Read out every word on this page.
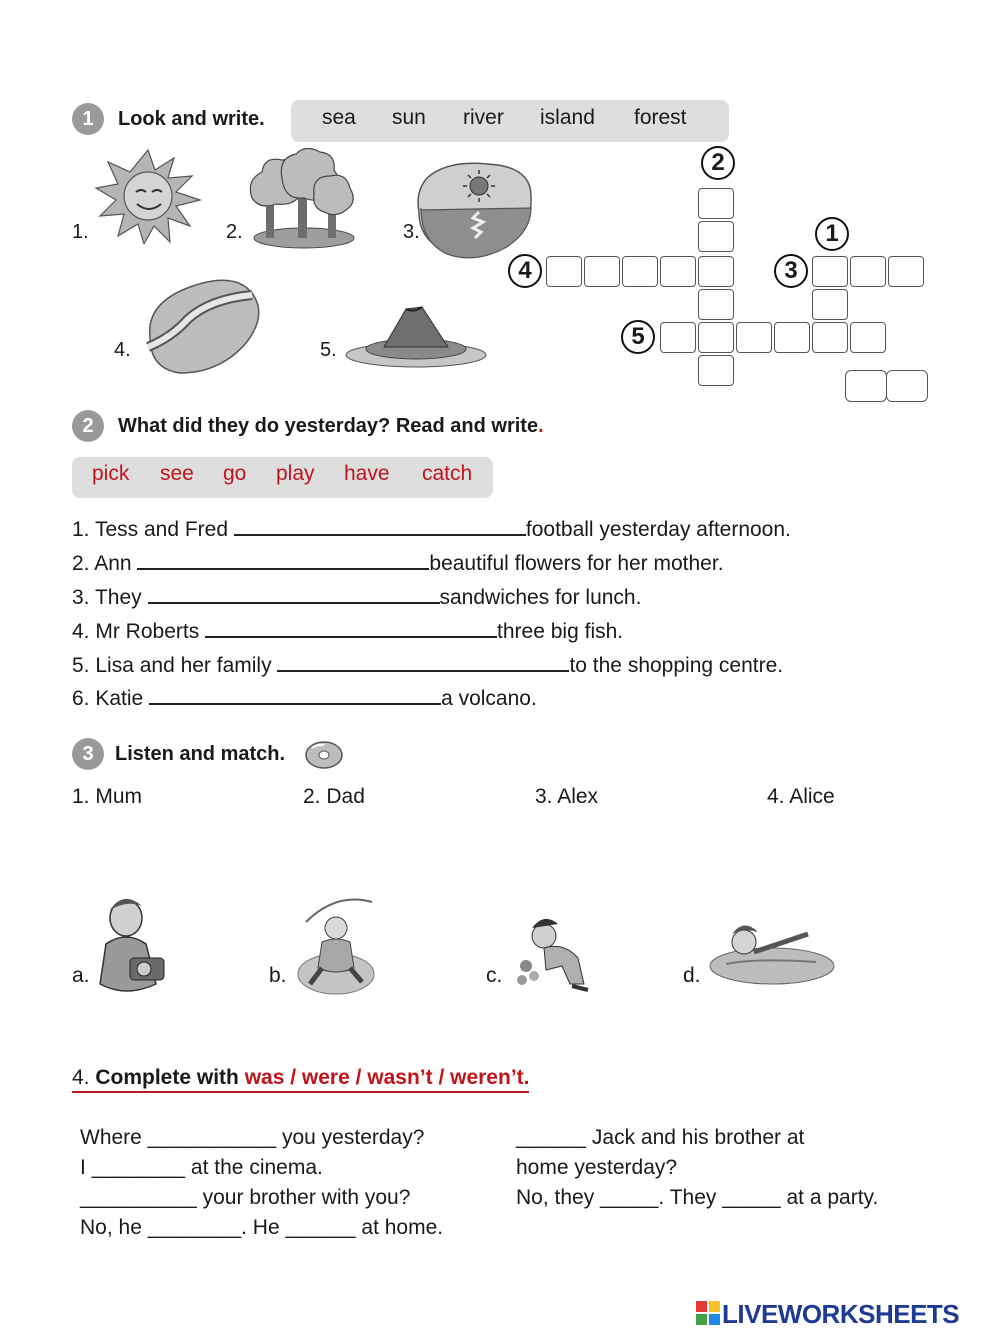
1	Look and write.	sea sun river island forest
1.	2.	3.
4.	5.
2
1
4	3
5
2	What did they do yesterday? Read and write.
pick see go play have catch
1. Tess and Fred	football yesterday afternoon.
2. Ann	beautiful flowers for her mother.
3. They	sandwiches for lunch.
4. Mr Roberts	three big fish.
5. Lisa and her family	to the shopping centre.
6. Katie	a volcano.
3	Listen and match.
1. Mum	2. Dad	3. Alex	4. Alice
a.	b.	c.	d.
4. Complete with was / were / wasn’t / weren’t.
Where ___________ you yesterday?
I ________ at the cinema.
__________ your brother with you?
No, he ________. He ______ at home.
______ Jack and his brother at
home yesterday?
No, they _____. They _____ at a party.
LIVEWORKSHEETS
